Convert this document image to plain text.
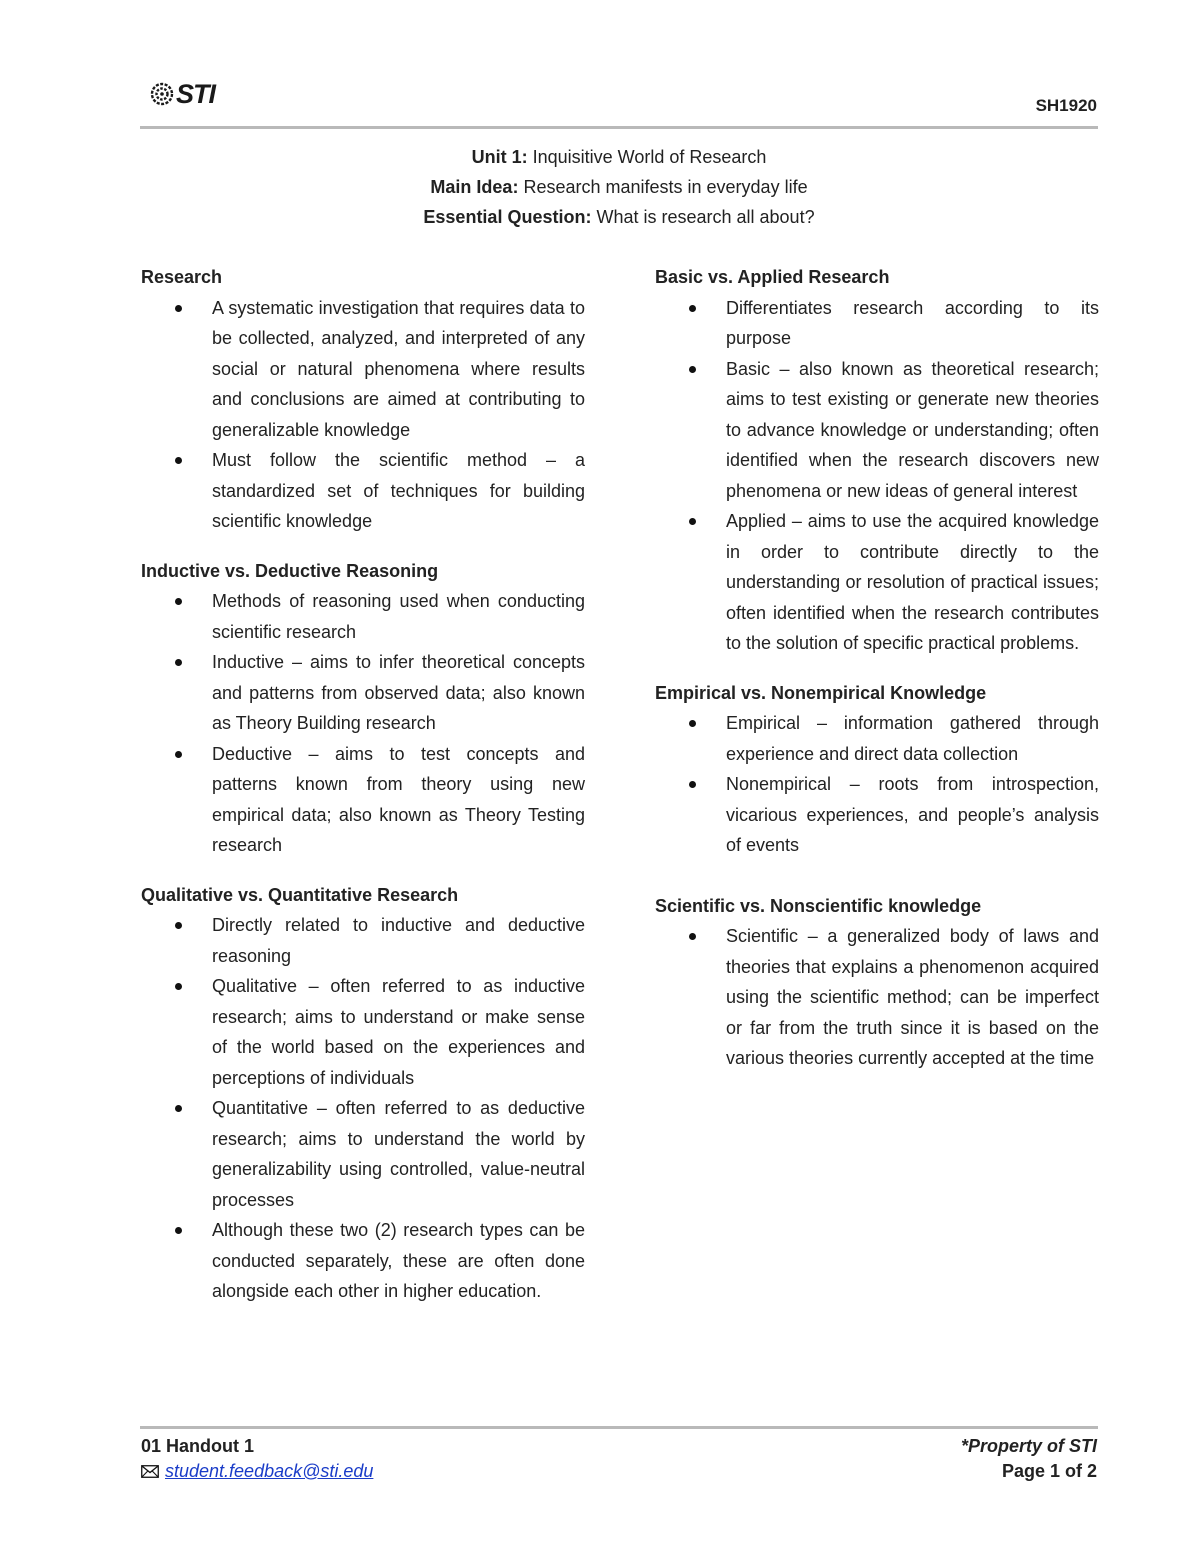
STI	SH1920
Unit 1: Inquisitive World of Research
Main Idea: Research manifests in everyday life
Essential Question: What is research all about?

Research

A systematic investigation that requires data to be collected, analyzed, and interpreted of any social or natural phenomena where results and conclusions are aimed at contributing to generalizable knowledge
Must follow the scientific method – a standardized set of techniques for building scientific knowledge

Inductive vs. Deductive Reasoning

Methods of reasoning used when conducting scientific research
Inductive – aims to infer theoretical concepts and patterns from observed data; also known as Theory Building research
Deductive – aims to test concepts and patterns known from theory using new empirical data; also known as Theory Testing research

Qualitative vs. Quantitative Research

Directly related to inductive and deductive reasoning
Qualitative – often referred to as inductive research; aims to understand or make sense of the world based on the experiences and perceptions of individuals
Quantitative – often referred to as deductive research; aims to understand the world by generalizability using controlled, value-neutral processes
Although these two (2) research types can be conducted separately, these are often done alongside each other in higher education.

Basic vs. Applied Research

Differentiates research according to its purpose
Basic – also known as theoretical research; aims to test existing or generate new theories to advance knowledge or understanding; often identified when the research discovers new phenomena or new ideas of general interest
Applied – aims to use the acquired knowledge in order to contribute directly to the understanding or resolution of practical issues; often identified when the research contributes to the solution of specific practical problems.

Empirical vs. Nonempirical Knowledge

Empirical – information gathered through experience and direct data collection
Nonempirical – roots from introspection, vicarious experiences, and people’s analysis of events

Scientific vs. Nonscientific knowledge

Scientific – a generalized body of laws and theories that explains a phenomenon acquired using the scientific method; can be imperfect or far from the truth since it is based on the various theories currently accepted at the time
01 Handout 1
student.feedback@sti.edu
*Property of STI
Page 1 of 2
